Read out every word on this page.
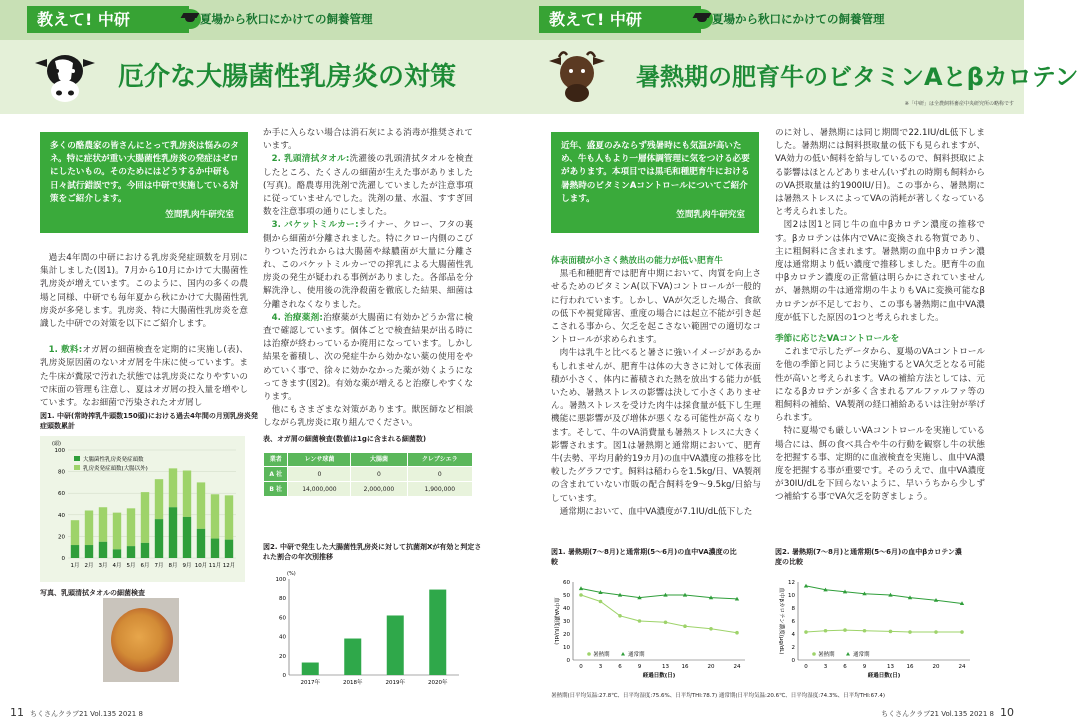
教えて! 中研	夏場から秋口にかけての飼養管理
厄介な大腸菌性乳房炎の対策
多くの酪農家の皆さんにとって乳房炎は悩みのタネ。特に症状が重い大腸菌性乳房炎の発症はゼロにしたいもの。そのためにはどうするか中研も日々試行錯誤です。今回は中研で実施している対策をご紹介します。
笠間乳肉牛研究室

過去4年間の中研における乳房炎発症頭数を月別に集計しました(図1)。7月から10月にかけて大腸菌性乳房炎が増えています。このように、国内の多くの農場と同様、中研でも毎年夏から秋にかけて大腸菌性乳房炎が多発します。乳房炎、特に大腸菌性乳房炎を意識した中研での対策を以下にご紹介します。

1. 敷料:オガ屑の細菌検査を定期的に実施し(表)、乳房炎原因菌のないオガ屑を牛床に使っています。また牛床が糞尿で汚れた状態では乳房炎になりやすいので床面の管理も注意し、夏はオガ屑の投入量を増やしています。なお細菌で汚染されたオガ屑し

か手に入らない場合は消石灰による消毒が推奨されています。

2. 乳頭清拭タオル:洗濯後の乳頭清拭タオルを検査したところ、たくさんの細菌が生えた事がありました(写真)。酪農専用洗剤で洗濯していましたが注意事項に従っていませんでした。洗剤の量、水温、すすぎ回数を注意事項の通りにしました。

3. バケットミルカー:ライナー、クロー、フタの裏側から細菌が分離されました。特にクロー内側のこびりついた汚れからは大腸菌や緑膿菌が大量に分離され、このバケットミルカーでの搾乳による大腸菌性乳房炎の発生が疑われる事例がありました。各部品を分解洗浄し、使用後の洗浄殺菌を徹底した結果、細菌は分離されなくなりました。

4. 治療薬剤:治療薬が大腸菌に有効かどうか常に検査で確認しています。個体ごとで検査結果が出る時には治療が終わっているか廃用になっています。しかし結果を蓄積し、次の発症牛から効かない薬の使用をやめていく事で、徐々に効かなかった薬が効くようになってきます(図2)。有効な薬が増えると治療しやすくなります。

他にもさまざまな対策があります。獣医師など相談しながら乳房炎に取り組んでください。

図1. 中研(常時搾乳牛頭数150頭)における過去4年間の月別乳房炎発症頭数累計
0
20
40
60
80
100
(頭)
1月 2月 3月 4月 5月 6月 7月 8月 9月 10月 11月 12月
大腸菌性乳房炎発症頭数
乳房炎発症頭数(大腸以外)
写真、乳頭清拭タオルの細菌検査
表、オガ屑の細菌検査(数値は1gに含まれる細菌数)
業者	レンサ球菌	大腸菌	クレブシエラ
A 社	0	0	0
B 社	14,000,000	2,000,000	1,900,000
図2. 中研で発生した大腸菌性乳房炎に対して抗菌剤Xが有効と判定された割合の年次別推移
0
20
40
60
80
100
(%)
2017年	2018年	2019年	2020年
11 ちくさんクラブ21 Vol.135 2021 8
教えて! 中研	夏場から秋口にかけての飼養管理
暑熱期の肥育牛のビタミンAとβカロテン
※「中研」は全農飼料畜産中央研究所の略称です
近年、盛夏のみならず残暑時にも気温が高いため、牛も人もより一層体調管理に気をつける必要があります。本項目では黒毛和種肥育牛における暑熱時のビタミンAコントロールについてご紹介します。
笠間乳肉牛研究室
体表面積が小さく熱放出の能力が低い肥育牛

黒毛和種肥育では肥育中期において、肉質を向上させるためのビタミンA(以下VA)コントロールが一般的に行われています。しかし、VAが欠乏した場合、食欲の低下や視覚障害、重度の場合には起立不能が引き起こされる事から、欠乏を起こさない範囲での適切なコントロールが求められます。

肉牛は乳牛と比べると暑さに強いイメージがあるかもしれませんが、肥育牛は体の大きさに対して体表面積が小さく、体内に蓄積された熱を放出する能力が低いため、暑熱ストレスの影響は決して小さくありません。暑熱ストレスを受けた肉牛は採食量が低下し生理機能に悪影響が及び増体が悪くなる可能性が高くなります。そして、牛のVA消費量も暑熱ストレスに大きく影響されます。図1は暑熱期と通常期において、肥育牛(去勢、平均月齢約19カ月)の血中VA濃度の推移を比較したグラフです。飼料は稲わらを1.5kg/日、VA製剤の含まれていない市販の配合飼料を9〜9.5kg/日給与しています。

通常期において、血中VA濃度が7.1IU/dL低下した

のに対し、暑熱期には同じ期間で22.1IU/dL低下しました。暑熱期には飼料摂取量の低下も見られますが、VA効力の低い飼料を給与しているので、飼料摂取による影響はほとんどありません(いずれの時期も飼料からのVA摂取量は約1900IU/日)。この事から、暑熱期には暑熱ストレスによってVAの消耗が著しくなっていると考えられました。

図2は図1と同じ牛の血中βカロテン濃度の推移です。βカロテンは体内でVAに変換される物質であり、主に粗飼料に含まれます。暑熱期の血中βカロテン濃度は通常期より低い濃度で推移しました。肥育牛の血中βカロテン濃度の正常値は明らかにされていませんが、暑熱期の牛は通常期の牛よりもVAに変換可能なβカロテンが不足しており、この事も暑熱期に血中VA濃度が低下した原因の1つと考えられました。

季節に応じたVAコントロールを

これまで示したデータから、夏場のVAコントロールを他の季節と同じように実施するとVA欠乏となる可能性が高いと考えられます。VAの補給方法としては、元になるβカロテンが多く含まれるアルファルファ等の粗飼料の補給、VA製剤の経口補給あるいは注射が挙げられます。

特に夏場でも厳しいVAコントロールを実施している場合には、餌の食べ具合や牛の行動を観察し牛の状態を把握する事、定期的に血液検査を実施し、血中VA濃度を把握する事が重要です。そのうえで、血中VA濃度が30IU/dLを下回らないように、早いうちから少しずつ補給する事でVA欠乏を防ぎましょう。

図1. 暑熱期(7〜8月)と通常期(5〜6月)の血中VA濃度の比較
0
10
20
30
40
50
60
血中VA濃度(IU/dL)
0	3	6	9	13 16	20	24
経過日数(日)
暑熱期	通常期
図2. 暑熱期(7〜8月)と通常期(5〜6月)の血中βカロテン濃度の比較
0
2
4
6
8
10
12
血中βカロテン濃度(μg/dL)
0	3	6	9	13 16	20	24
経過日数(日)
暑熱期	通常期
暑熱期(日平均気温:27.8℃、日平均湿度:75.6%、日平均THI:78.7) 通常期(日平均気温:20.6℃、日平均湿度:74.3%、日平均THI:67.4)
ちくさんクラブ21 Vol.135 2021 8 10
